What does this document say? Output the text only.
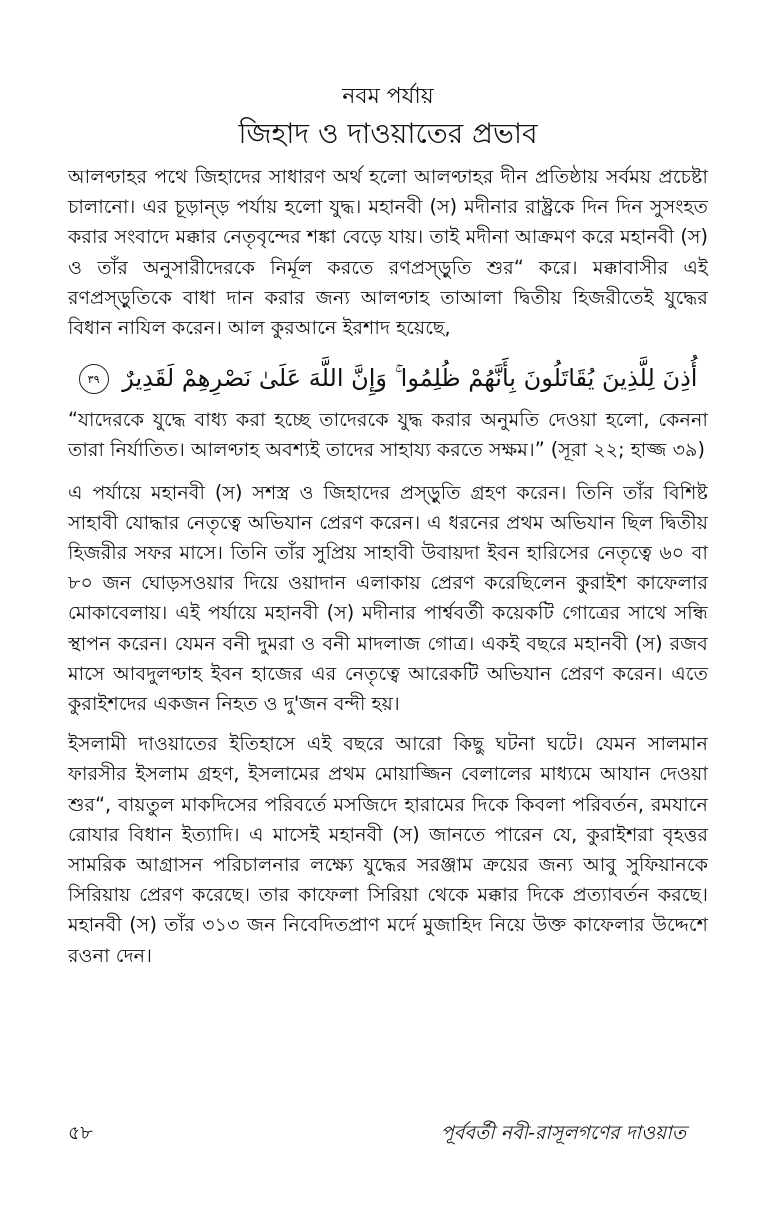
নবম পর্যায়
জিহাদ ও দাওয়াতের প্রভাব

আলণ্ঢাহর পথে জিহাদের সাধারণ অর্থ হলো আলণ্ঢাহর দীন প্রতিষ্ঠায় সর্বময় প্রচেষ্টা চালানো। এর চূড়ান্ড় পর্যায় হলো যুদ্ধ। মহানবী (স) মদীনার রাষ্ট্রকে দিন দিন সুসংহত করার সংবাদে মক্কার নেতৃবৃন্দের শঙ্কা বেড়ে যায়। তাই মদীনা আক্রমণ করে মহানবী (স) ও তাঁর অনুসারীদেরকে নির্মূল করতে রণপ্রস্ড়ুতি শুর“ করে। মক্কাবাসীর এই রণপ্রস্ড়ুতিকে বাধা দান করার জন্য আলণ্ঢাহ তাআলা দ্বিতীয় হিজরীতেই যুদ্ধের বিধান নাযিল করেন। আল কুরআনে ইরশাদ হয়েছে,

أُذِنَ لِلَّذِينَ يُقَاتَلُونَ بِأَنَّهُمْ ظُلِمُوا ۚ وَإِنَّ اللَّهَ عَلَىٰ نَصْرِهِمْ لَقَدِيرٌ ٣٩

“যাদেরকে যুদ্ধে বাধ্য করা হচ্ছে তাদেরকে যুদ্ধ করার অনুমতি দেওয়া হলো, কেননা তারা নির্যাতিত। আলণ্ঢাহ অবশ্যই তাদের সাহায্য করতে সক্ষম।” (সূরা ২২; হাজ্জ ৩৯)

এ পর্যায়ে মহানবী (স) সশস্ত্র ও জিহাদের প্রস্ড়ুতি গ্রহণ করেন। তিনি তাঁর বিশিষ্ট সাহাবী যোদ্ধার নেতৃত্বে অভিযান প্রেরণ করেন। এ ধরনের প্রথম অভিযান ছিল দ্বিতীয় হিজরীর সফর মাসে। তিনি তাঁর সুপ্রিয় সাহাবী উবায়দা ইবন হারিসের নেতৃত্বে ৬০ বা ৮০ জন ঘোড়সওয়ার দিয়ে ওয়াদান এলাকায় প্রেরণ করেছিলেন কুরাইশ কাফেলার মোকাবেলায়। এই পর্যায়ে মহানবী (স) মদীনার পার্শ্ববর্তী কয়েকটি গোত্রের সাথে সন্ধি স্থাপন করেন। যেমন বনী দুমরা ও বনী মাদলাজ গোত্র। একই বছরে মহানবী (স) রজব মাসে আবদুলণ্ঢাহ ইবন হাজের এর নেতৃত্বে আরেকটি অভিযান প্রেরণ করেন। এতে কুরাইশদের একজন নিহত ও দু'জন বন্দী হয়।

ইসলামী দাওয়াতের ইতিহাসে এই বছরে আরো কিছু ঘটনা ঘটে। যেমন সালমান ফারসীর ইসলাম গ্রহণ, ইসলামের প্রথম মোয়াজ্জিন বেলালের মাধ্যমে আযান দেওয়া শুর“, বায়তুল মাকদিসের পরিবর্তে মসজিদে হারামের দিকে কিবলা পরিবর্তন, রমযানে রোযার বিধান ইত্যাদি। এ মাসেই মহানবী (স) জানতে পারেন যে, কুরাইশরা বৃহত্তর সামরিক আগ্রাসন পরিচালনার লক্ষ্যে যুদ্ধের সরঞ্জাম ক্রয়ের জন্য আবু সুফিয়ানকে সিরিয়ায় প্রেরণ করেছে। তার কাফেলা সিরিয়া থেকে মক্কার দিকে প্রত্যাবর্তন করছে। মহানবী (স) তাঁর ৩১৩ জন নিবেদিতপ্রাণ মর্দে মুজাহিদ নিয়ে উক্ত কাফেলার উদ্দেশে রওনা দেন।

৫৮	পূর্ববর্তী নবী-রাসূলগণের দাওয়াত
